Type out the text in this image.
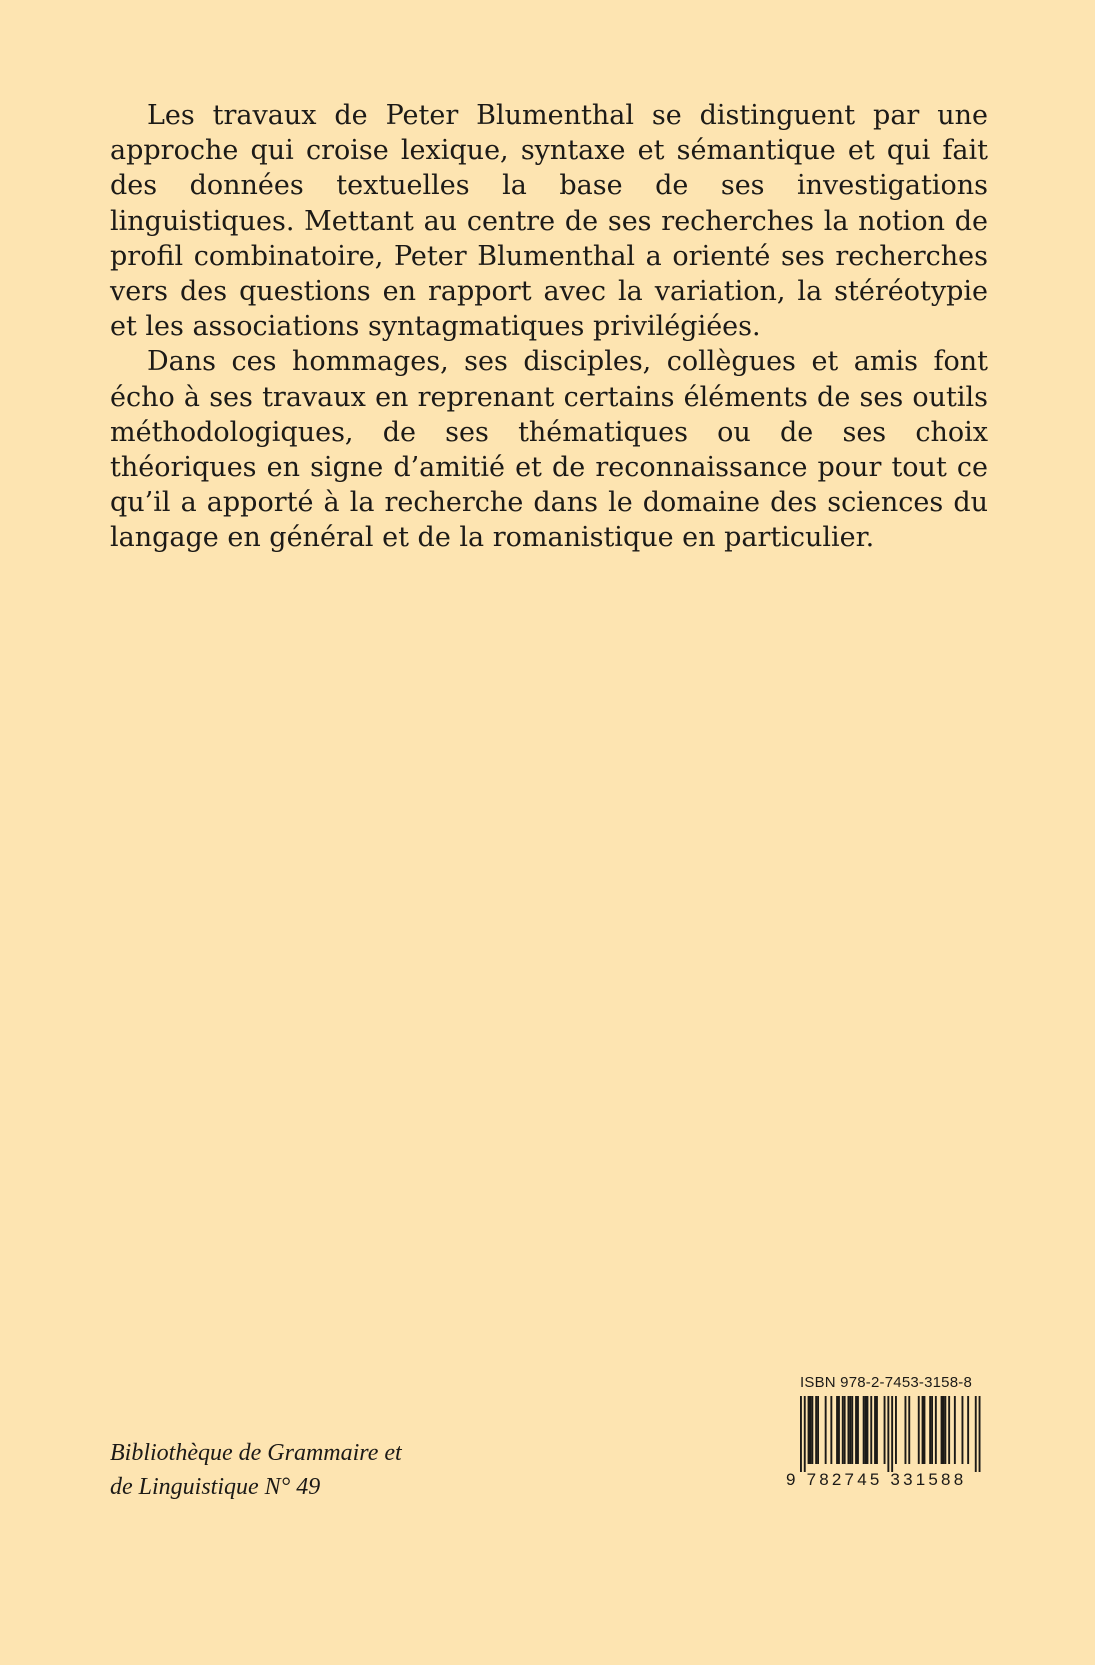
Les travaux de Peter Blumenthal se distinguent par une approche qui croise lexique, syntaxe et sémantique et qui fait des données textuelles la base de ses investigations linguistiques. Mettant au centre de ses recherches la notion de profil combinatoire, Peter Blumenthal a orienté ses recherches vers des questions en rapport avec la variation, la stéréotypie et les associations syntagmatiques privilégiées.

Dans ces hommages, ses disciples, collègues et amis font écho à ses travaux en reprenant certains éléments de ses outils méthodologiques, de ses thématiques ou de ses choix théoriques en signe d’amitié et de reconnaissance pour tout ce qu’il a apporté à la recherche dans le domaine des sciences du langage en général et de la romanistique en particulier.

Bibliothèque de Grammaire et
de Linguistique N° 49
ISBN 978-2-7453-3158-8
9 782745 331588
